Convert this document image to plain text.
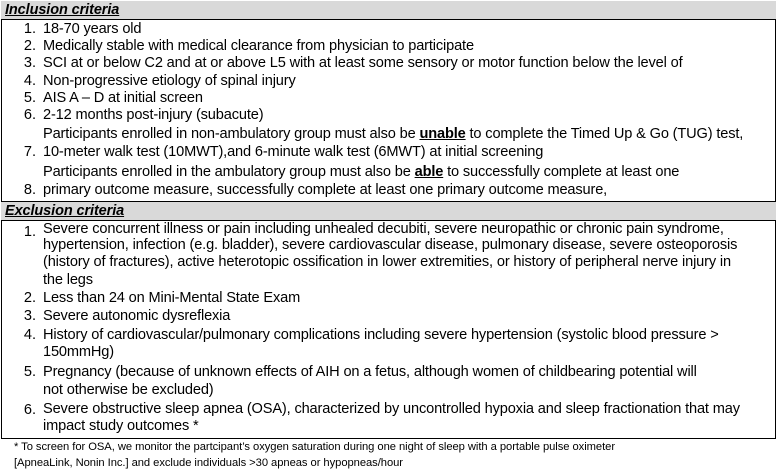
Inclusion criteria
1 . 18-70 years old
2 . Medically stable with medical clearance from physician to participate
3 . SCI at or below C2 and at or above L5 with at least some sensory or motor function below the level of
4 . Non-progressive etiology of spinal injury
5 . AIS A – D at initial screen
6 . 2-12 months post-injury (subacute)
Participants enrolled in non-ambulatory group must also be unable to complete the Timed Up & Go (TUG) test,
7 . 10-meter walk test (10MWT),and 6-minute walk test (6MWT) at initial screening
Participants enrolled in the ambulatory group must also be able to successfully complete at least one
8 . primary outcome measure, successfully complete at least one primary outcome measure,
Exclusion criteria
1 . Severe concurrent illness or pain including unhealed decubiti, severe neuropathic or chronic pain syndrome,
hypertension, infection (e.g. bladder), severe cardiovascular disease, pulmonary disease, severe osteoporosis
(history of fractures), active heterotopic ossification in lower extremities, or history of peripheral nerve injury in
the legs
2 . Less than 24 on Mini-Mental State Exam
3 . Severe autonomic dysreflexia
4 . History of cardiovascular/pulmonary complications including severe hypertension (systolic blood pressure >
150mmHg)
5 . Pregnancy (because of unknown effects of AIH on a fetus, although women of childbearing potential will
not otherwise be excluded)
6 . Severe obstructive sleep apnea (OSA), characterized by uncontrolled hypoxia and sleep fractionation that may
impact study outcomes *
* To screen for OSA, we monitor the partcipant’s oxygen saturation during one night of sleep with a portable pulse oximeter
[ApneaLink, Nonin Inc.] and exclude individuals >30 apneas or hypopneas/hour
